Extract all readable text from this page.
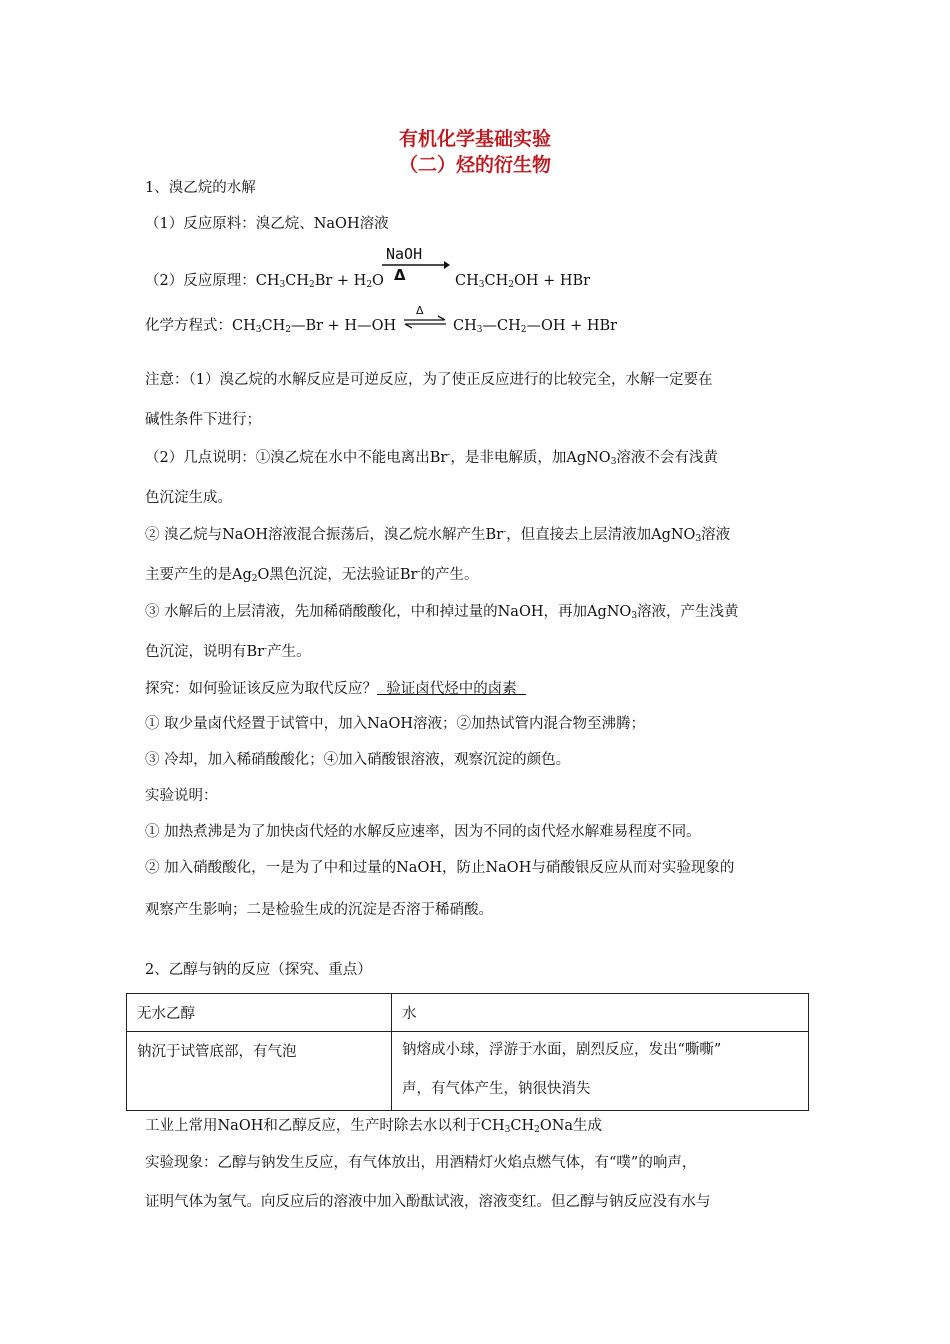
有机化学基础实验
（二）烃的衍生物
1、溴乙烷的水解
（1）反应原料：溴乙烷、NaOH溶液
（2）反应原理：$CH_3CH_2Br + H_2O$
NaOH
Δ	$CH_3CH_2OH$ + HBr
化学方程式：$CH_3CH_2—Br$ + H—OH
Δ
$CH_3—CH_2—OH$ + HBr
注意：（1）溴乙烷的水解反应是可逆反应，为了使正反应进行的比较完全，水解一定要在
碱性条件下进行；
（2）几点说明：①溴乙烷在水中不能电离出Br-，是非电解质，加AgNO$_3$溶液不会有浅黄
色沉淀生成。
② 溴乙烷与NaOH溶液混合振荡后，溴乙烷水解产生Br-，但直接去上层清液加AgNO$_3$溶液
主要产生的是$Ag_2O$黑色沉淀，无法验证Br-的产生。
③ 水解后的上层清液，先加稀硝酸酸化，中和掉过量的NaOH，再加AgNO$_3$溶液，产生浅黄
色沉淀，说明有Br-产生。
探究：如何验证该反应为取代反应？  验证卤代烃中的卤素
① 取少量卤代烃置于试管中，加入NaOH溶液；②加热试管内混合物至沸腾；
③ 冷却，加入稀硝酸酸化；④加入硝酸银溶液，观察沉淀的颜色。
实验说明：
① 加热煮沸是为了加快卤代烃的水解反应速率，因为不同的卤代烃水解难易程度不同。
② 加入硝酸酸化，一是为了中和过量的NaOH，防止NaOH与硝酸银反应从而对实验现象的
观察产生影响；二是检验生成的沉淀是否溶于稀硝酸。
2、乙醇与钠的反应（探究、重点）
无水乙醇	水
钠沉于试管底部，有气泡	钠熔成小球，浮游于水面，剧烈反应，发出“嘶嘶”
声，有气体产生，钠很快消失
工业上常用NaOH和乙醇反应，生产时除去水以利于$CH_3CH_2ONa$生成
实验现象：乙醇与钠发生反应，有气体放出，用酒精灯火焰点燃气体，有“噗”的响声，
证明气体为氢气。向反应后的溶液中加入酚酞试液，溶液变红。但乙醇与钠反应没有水与
